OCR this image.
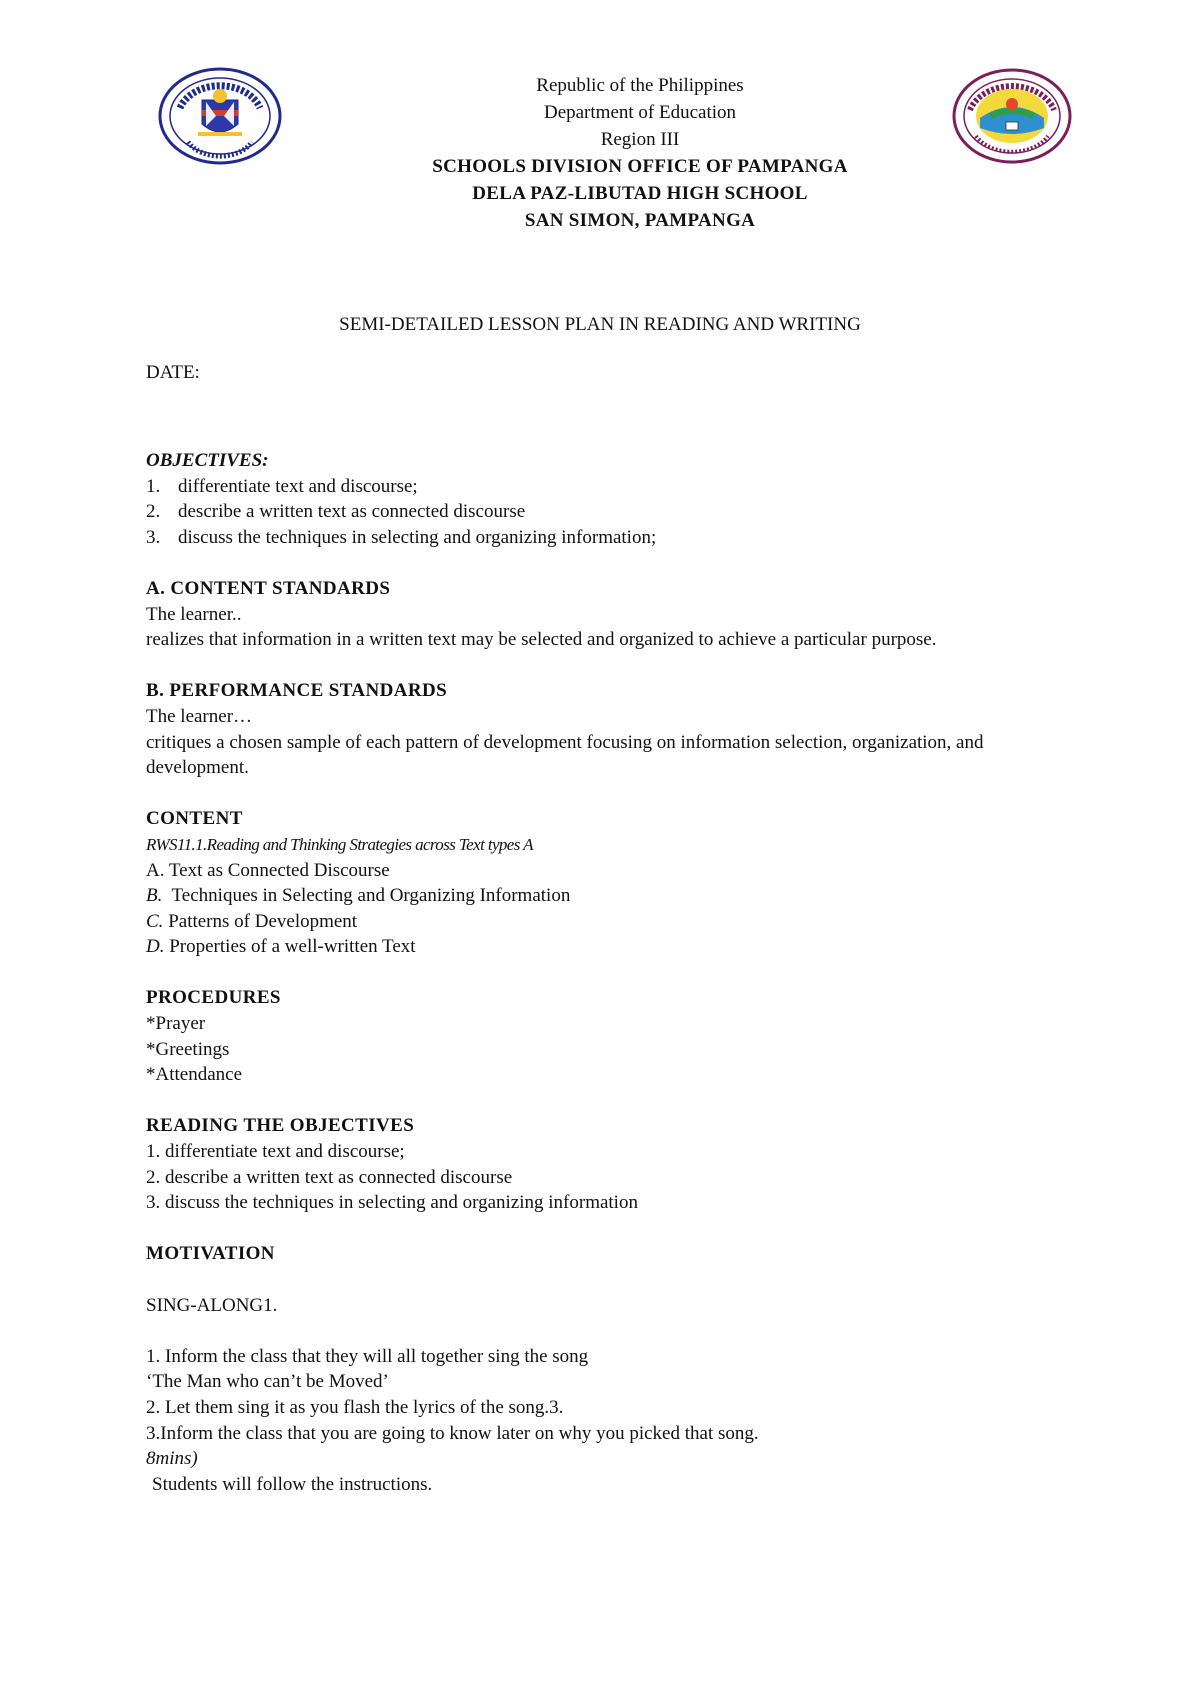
Republic of the Philippines
Department of Education
Region III
SCHOOLS DIVISION OFFICE OF PAMPANGA
DELA PAZ-LIBUTAD HIGH SCHOOL
SAN SIMON, PAMPANGA
SEMI-DETAILED LESSON PLAN IN READING AND WRITING
DATE:
OBJECTIVES:
1. differentiate text and discourse;
2. describe a written text as connected discourse
3. discuss the techniques in selecting and organizing information;
A. CONTENT STANDARDS
The learner..
realizes that information in a written text may be selected and organized to achieve a particular purpose.
B. PERFORMANCE STANDARDS
The learner…
critiques a chosen sample of each pattern of development focusing on information selection, organization, and development.
CONTENT
RWS11.1.Reading and Thinking Strategies across Text types A
A. Text as Connected Discourse
B. Techniques in Selecting and Organizing Information
C. Patterns of Development
D. Properties of a well-written Text
PROCEDURES
*Prayer
*Greetings
*Attendance
READING THE OBJECTIVES
1. differentiate text and discourse;
2. describe a written text as connected discourse
3. discuss the techniques in selecting and organizing information
MOTIVATION
SING-ALONG1.
1. Inform the class that they will all together sing the song
‘The Man who can’t be Moved’
2. Let them sing it as you flash the lyrics of the song.3.
3.Inform the class that you are going to know later on why you picked that song.
8mins)
Students will follow the instructions.
